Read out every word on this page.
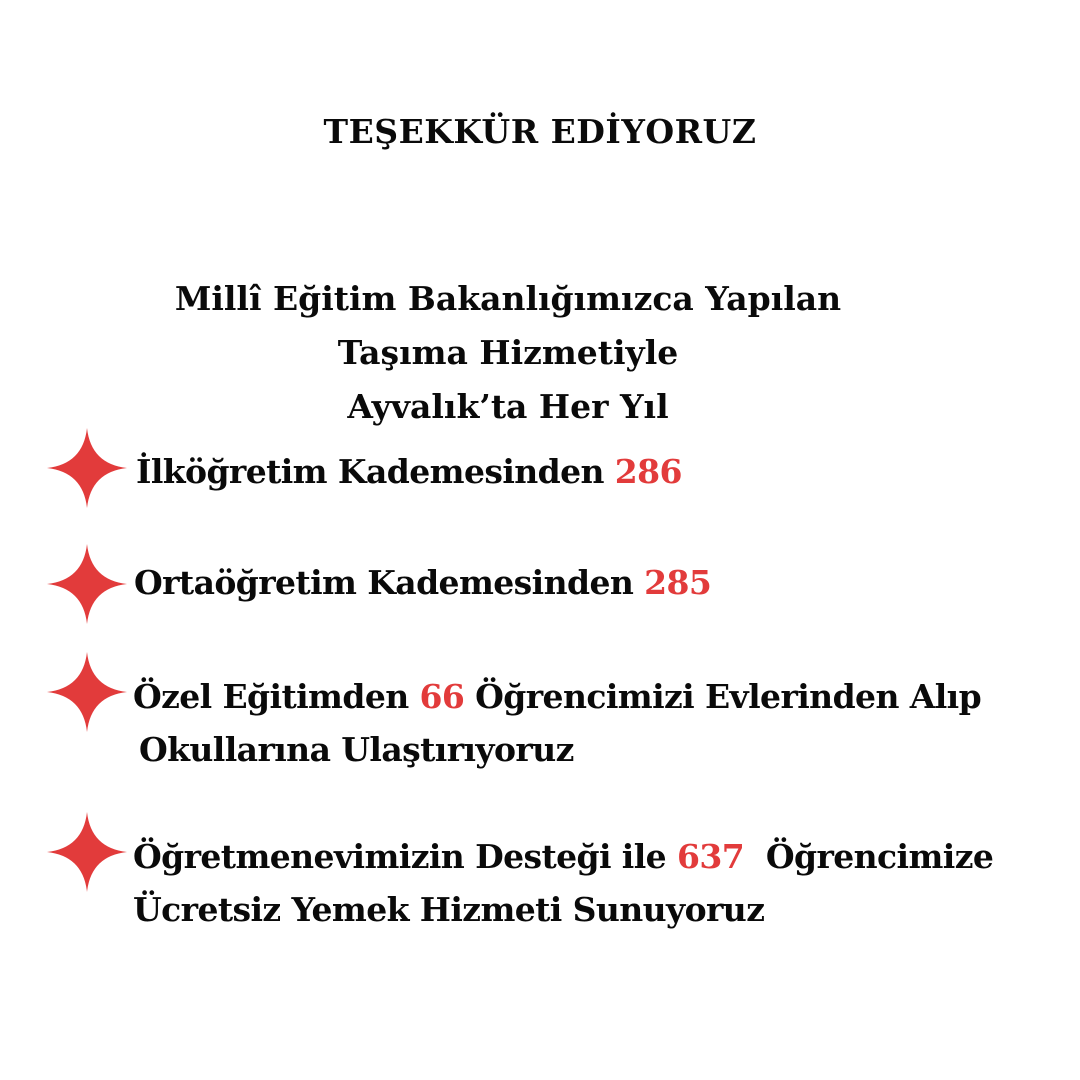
TEŞEKKÜR EDİYORUZ
Millî Eğitim Bakanlığımızca Yapılan
Taşıma Hizmetiyle
Ayvalık’ta Her Yıl

İlköğretim Kademesinden 286

Ortaöğretim Kademesinden 285

Özel Eğitimden 66 Öğrencimizi Evlerinden Alıp
Okullarına Ulaştırıyoruz

Öğretmenevimizin Desteği ile 637  Öğrencimize
Ücretsiz Yemek Hizmeti Sunuyoruz
